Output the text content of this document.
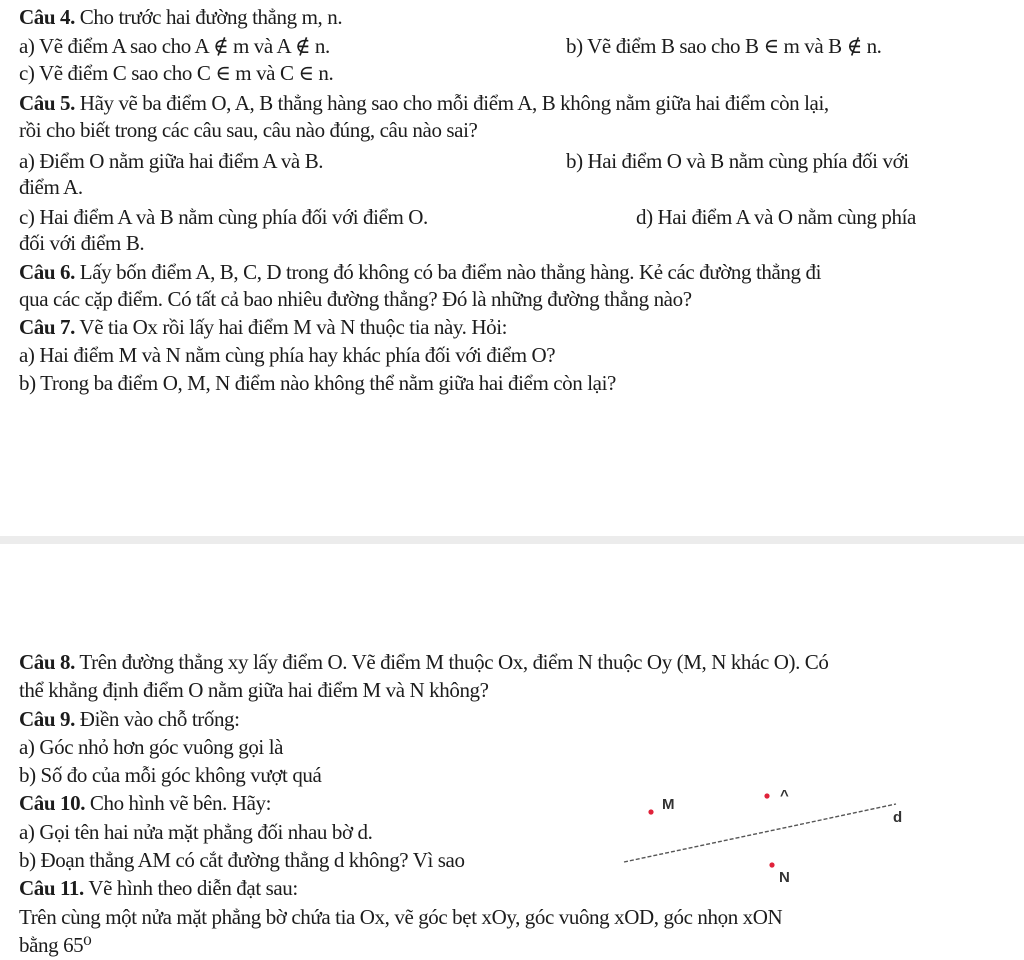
Câu 4. Cho trước hai đường thẳng m, n.
a) Vẽ điểm A sao cho A ∉ m và A ∉ n.	b) Vẽ điểm B sao cho B ∈ m và B ∉ n.
c) Vẽ điểm C sao cho C ∈ m và C ∈ n.
Câu 5. Hãy vẽ ba điểm O, A, B thẳng hàng sao cho mỗi điểm A, B không nằm giữa hai điểm còn lại,
rồi cho biết trong các câu sau, câu nào đúng, câu nào sai?
a) Điểm O nằm giữa hai điểm A và B.	b) Hai điểm O và B nằm cùng phía đối với
điểm A.
c) Hai điểm A và B nằm cùng phía đối với điểm O.	d) Hai điểm A và O nằm cùng phía
đối với điểm B.
Câu 6. Lấy bốn điểm A, B, C, D trong đó không có ba điểm nào thẳng hàng. Kẻ các đường thẳng đi
qua các cặp điểm. Có tất cả bao nhiêu đường thẳng? Đó là những đường thẳng nào?
Câu 7. Vẽ tia Ox rồi lấy hai điểm M và N thuộc tia này. Hỏi:
a) Hai điểm M và N nằm cùng phía hay khác phía đối với điểm O?
b) Trong ba điểm O, M, N điểm nào không thể nằm giữa hai điểm còn lại?
Câu 8. Trên đường thẳng xy lấy điểm O. Vẽ điểm M thuộc Ox, điểm N thuộc Oy (M, N khác O). Có
thể khẳng định điểm O nằm giữa hai điểm M và N không?
Câu 9. Điền vào chỗ trống:
a) Góc nhỏ hơn góc vuông gọi là
b) Số đo của mỗi góc không vượt quá
Câu 10. Cho hình vẽ bên. Hãy:
a) Gọi tên hai nửa mặt phẳng đối nhau bờ d.
b) Đoạn thẳng AM có cắt đường thẳng d không? Vì sao
Câu 11. Vẽ hình theo diễn đạt sau:
Trên cùng một nửa mặt phẳng bờ chứa tia Ox, vẽ góc bẹt xOy, góc vuông xOD, góc nhọn xON
bằng 65⁰
M
^
d
N
